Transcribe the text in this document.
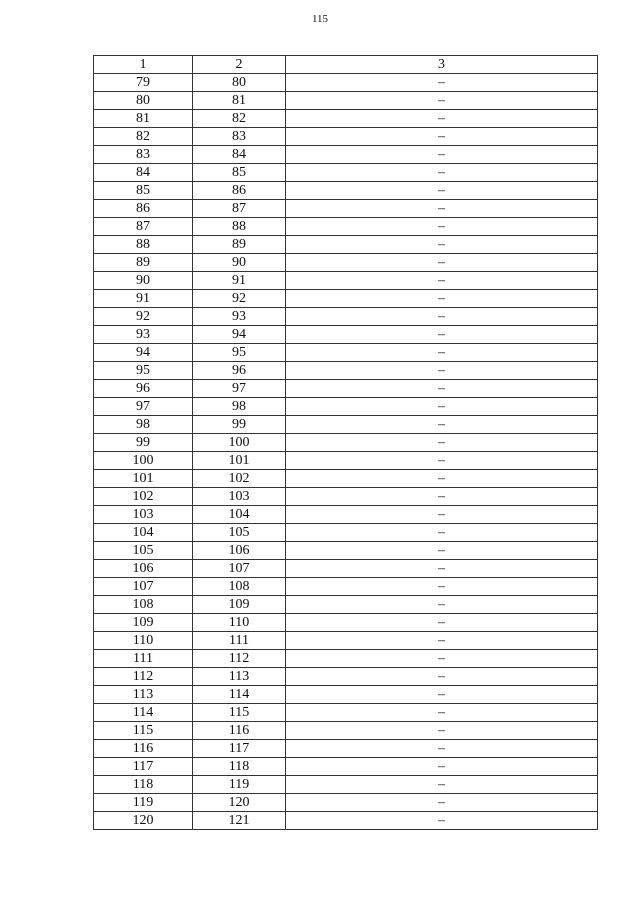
115
1	2	3
79	80	–
80	81	–
81	82	–
82	83	–
83	84	–
84	85	–
85	86	–
86	87	–
87	88	–
88	89	–
89	90	–
90	91	–
91	92	–
92	93	–
93	94	–
94	95	–
95	96	–
96	97	–
97	98	–
98	99	–
99	100	–
100	101	–
101	102	–
102	103	–
103	104	–
104	105	–
105	106	–
106	107	–
107	108	–
108	109	–
109	110	–
110	111	–
111	112	–
112	113	–
113	114	–
114	115	–
115	116	–
116	117	–
117	118	–
118	119	–
119	120	–
120	121	–
